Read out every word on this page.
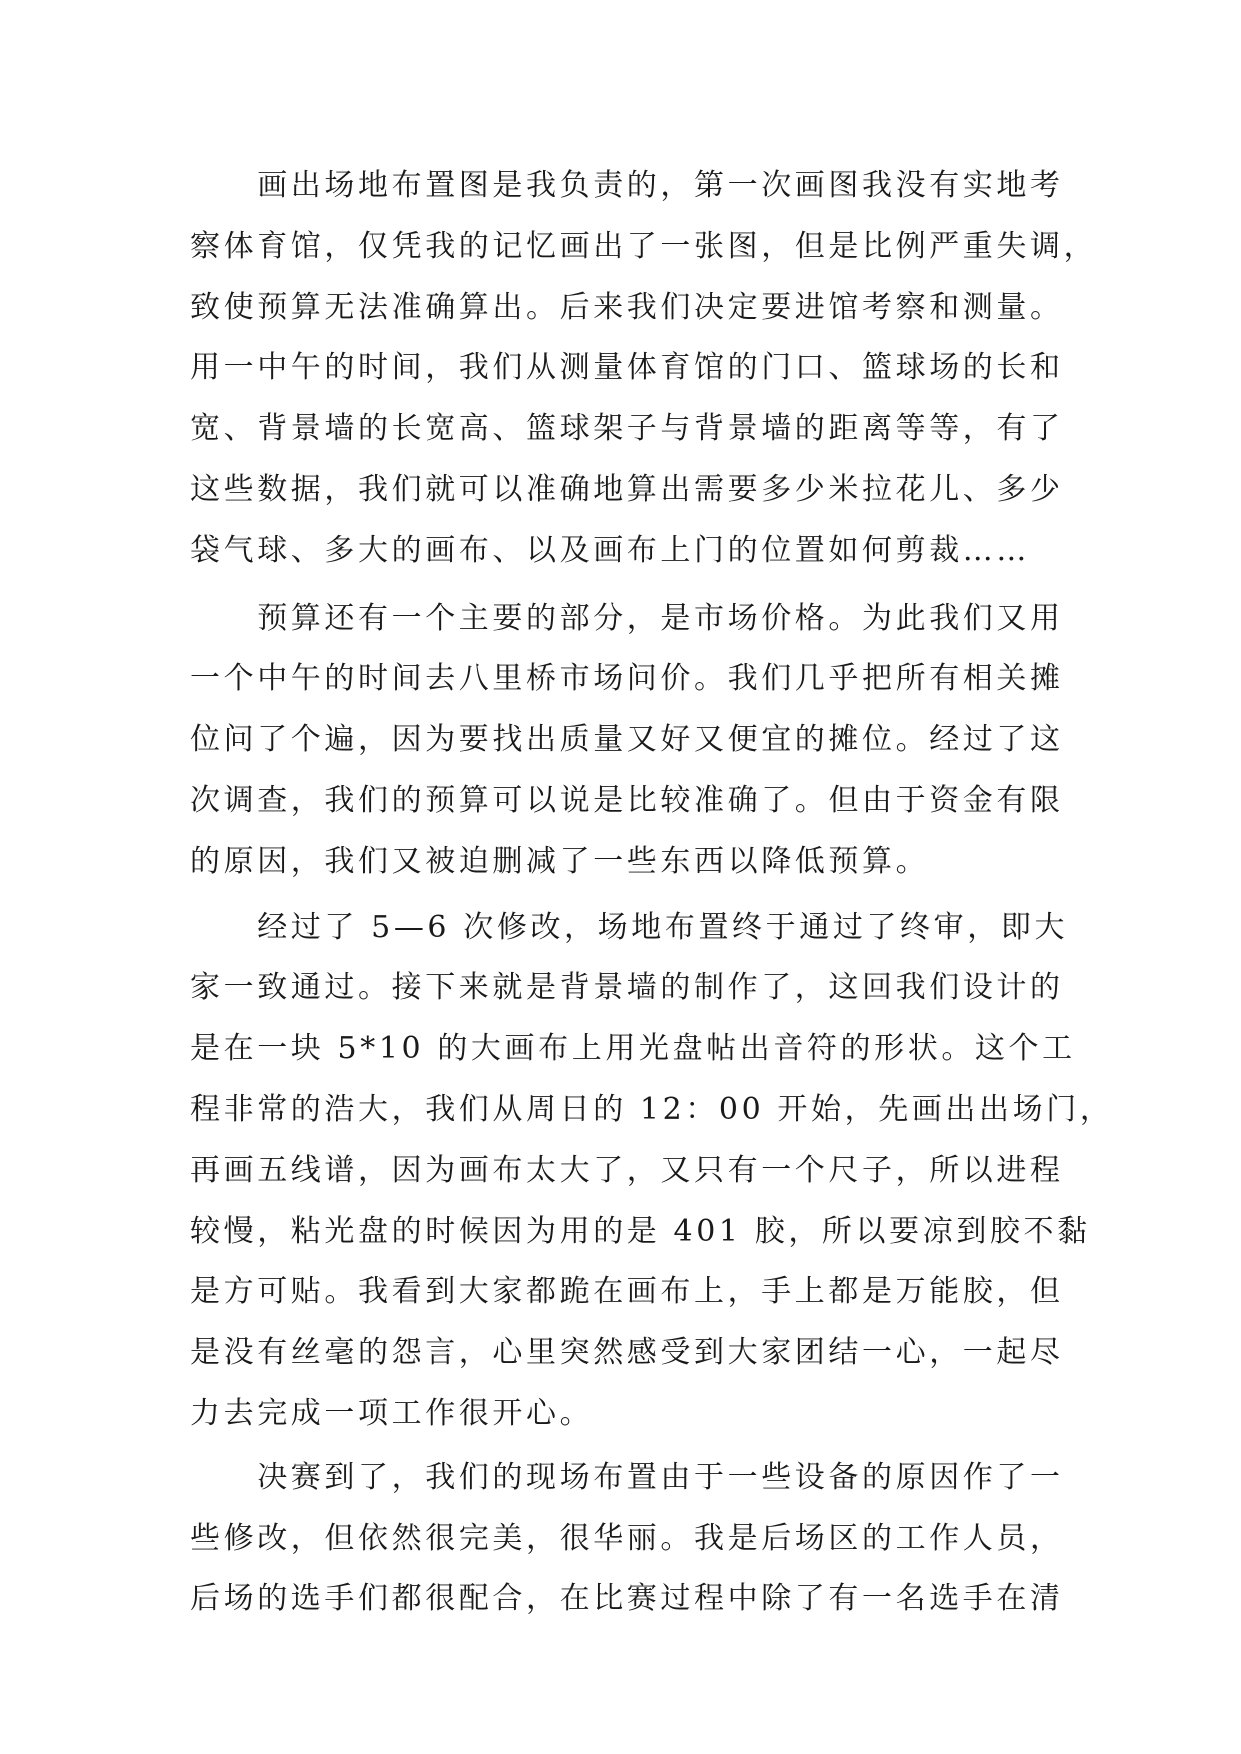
　　画出场地布置图是我负责的，第一次画图我没有实地考
察体育馆，仅凭我的记忆画出了一张图，但是比例严重失调，
致使预算无法准确算出。后来我们决定要进馆考察和测量。
用一中午的时间，我们从测量体育馆的门口、篮球场的长和
宽、背景墙的长宽高、篮球架子与背景墙的距离等等，有了
这些数据，我们就可以准确地算出需要多少米拉花儿、多少
袋气球、多大的画布、以及画布上门的位置如何剪裁……
　　预算还有一个主要的部分，是市场价格。为此我们又用
一个中午的时间去八里桥市场问价。我们几乎把所有相关摊
位问了个遍，因为要找出质量又好又便宜的摊位。经过了这
次调查，我们的预算可以说是比较准确了。但由于资金有限
的原因，我们又被迫删减了一些东西以降低预算。
　　经过了 5—6 次修改，场地布置终于通过了终审，即大
家一致通过。接下来就是背景墙的制作了，这回我们设计的
是在一块 5*10 的大画布上用光盘帖出音符的形状。这个工
程非常的浩大，我们从周日的 12：00 开始，先画出出场门，
再画五线谱，因为画布太大了，又只有一个尺子，所以进程
较慢，粘光盘的时候因为用的是 401 胶，所以要凉到胶不黏
是方可贴。我看到大家都跪在画布上，手上都是万能胶，但
是没有丝毫的怨言，心里突然感受到大家团结一心，一起尽
力去完成一项工作很开心。
　　决赛到了，我们的现场布置由于一些设备的原因作了一
些修改，但依然很完美，很华丽。我是后场区的工作人员，
后场的选手们都很配合，在比赛过程中除了有一名选手在清
